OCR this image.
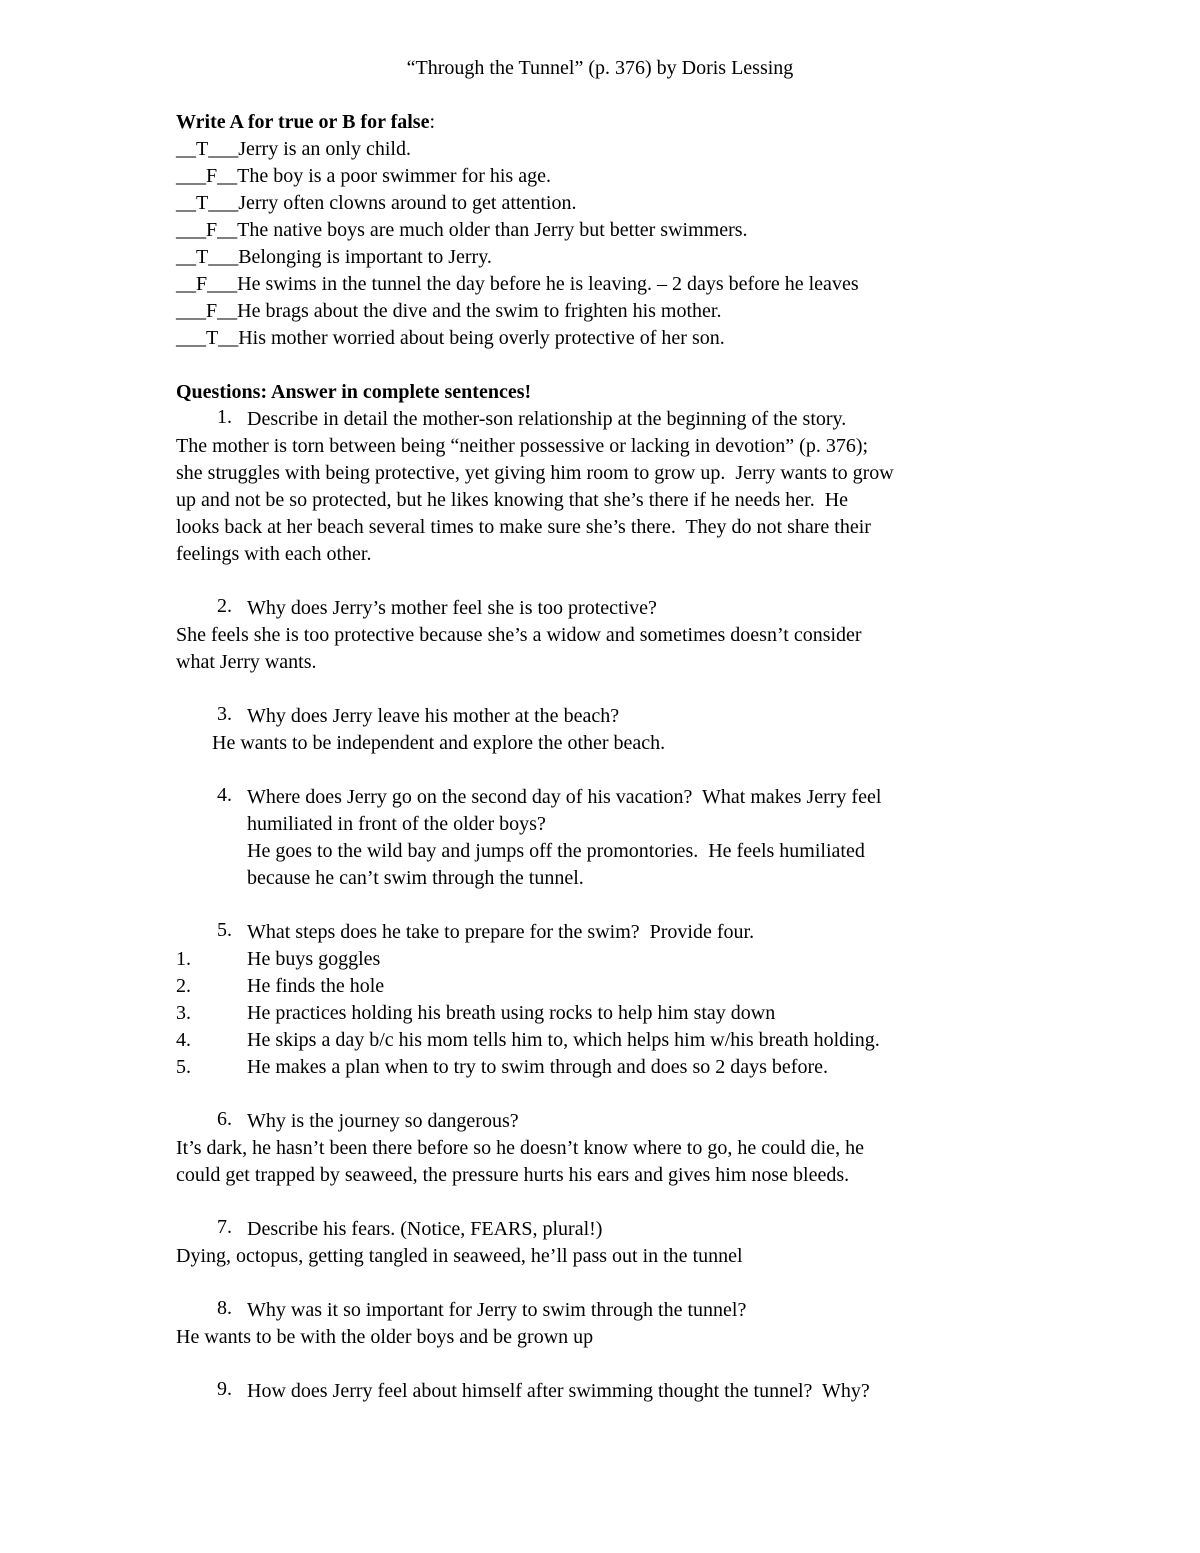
“Through the Tunnel” (p. 376) by Doris Lessing
Write A for true or B for false:
__T___Jerry is an only child.
___F__The boy is a poor swimmer for his age.
__T___Jerry often clowns around to get attention.
___F__The native boys are much older than Jerry but better swimmers.
__T___Belonging is important to Jerry.
__F___He swims in the tunnel the day before he is leaving. – 2 days before he leaves
___F__He brags about the dive and the swim to frighten his mother.
___T__His mother worried about being overly protective of her son.
Questions: Answer in complete sentences!
1. Describe in detail the mother-son relationship at the beginning of the story.
The mother is torn between being “neither possessive or lacking in devotion” (p. 376);
she struggles with being protective, yet giving him room to grow up.  Jerry wants to grow
up and not be so protected, but he likes knowing that she’s there if he needs her.  He
looks back at her beach several times to make sure she’s there.  They do not share their
feelings with each other.
2. Why does Jerry’s mother feel she is too protective?
She feels she is too protective because she’s a widow and sometimes doesn’t consider
what Jerry wants.
3. Why does Jerry leave his mother at the beach?
He wants to be independent and explore the other beach.
4. Where does Jerry go on the second day of his vacation?  What makes Jerry feel
humiliated in front of the older boys?
He goes to the wild bay and jumps off the promontories.  He feels humiliated
because he can’t swim through the tunnel.
5. What steps does he take to prepare for the swim?  Provide four.
1.	He buys goggles
2.	He finds the hole
3.	He practices holding his breath using rocks to help him stay down
4.	He skips a day b/c his mom tells him to, which helps him w/his breath holding.
5.	He makes a plan when to try to swim through and does so 2 days before.
6. Why is the journey so dangerous?
It’s dark, he hasn’t been there before so he doesn’t know where to go, he could die, he
could get trapped by seaweed, the pressure hurts his ears and gives him nose bleeds.
7. Describe his fears. (Notice, FEARS, plural!)
Dying, octopus, getting tangled in seaweed, he’ll pass out in the tunnel
8. Why was it so important for Jerry to swim through the tunnel?
He wants to be with the older boys and be grown up
9. How does Jerry feel about himself after swimming thought the tunnel?  Why?
